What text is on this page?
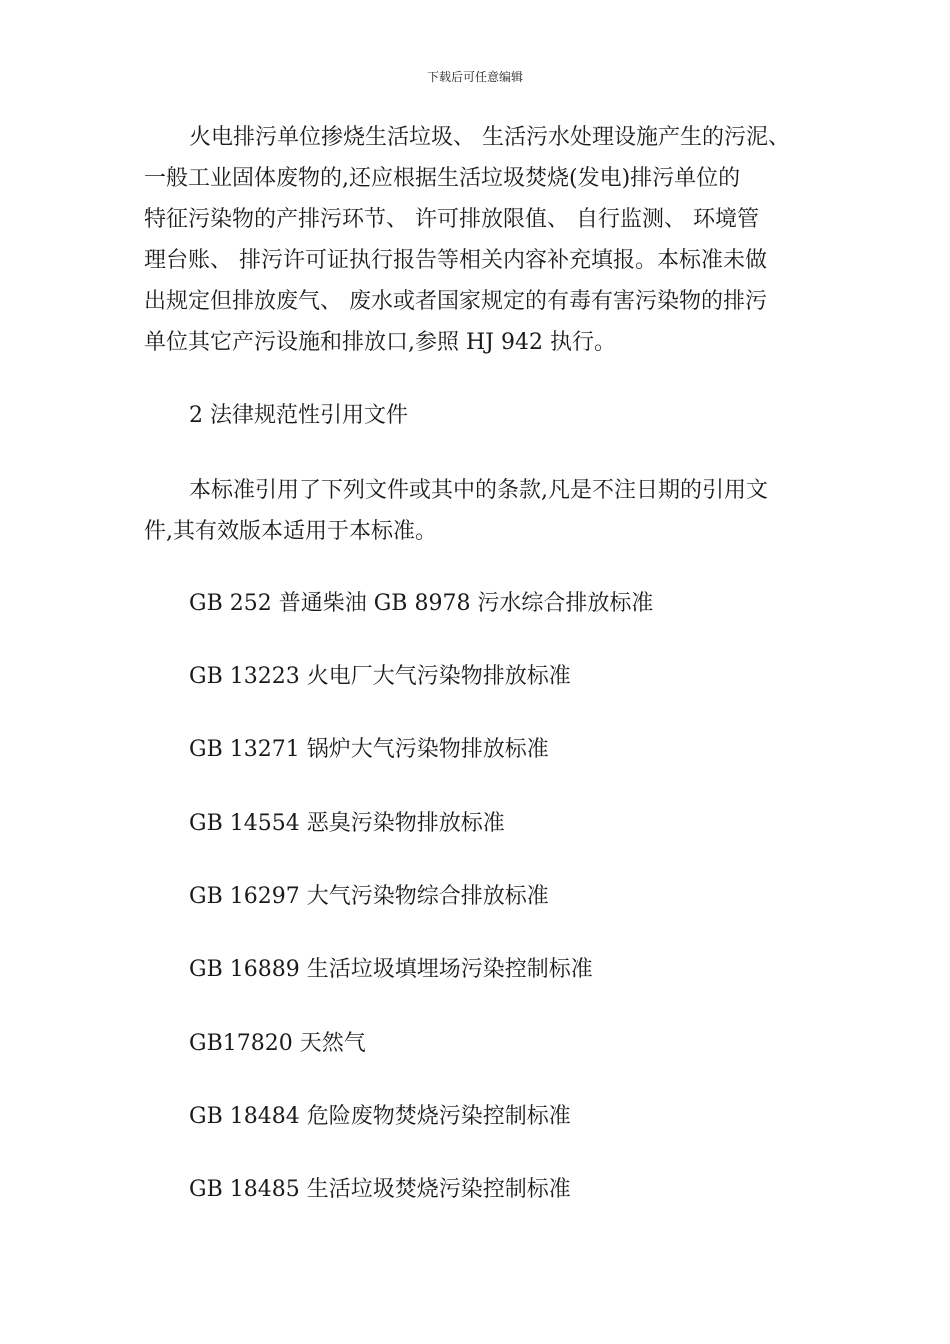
下载后可任意编辑
火电排污单位掺烧生活垃圾、 生活污水处理设施产生的污泥、
一般工业固体废物的,还应根据生活垃圾焚烧(发电)排污单位的
特征污染物的产排污环节、 许可排放限值、 自行监测、 环境管
理台账、 排污许可证执行报告等相关内容补充填报。本标准未做
出规定但排放废气、 废水或者国家规定的有毒有害污染物的排污
单位其它产污设施和排放口,参照 HJ 942 执行。
2 法律规范性引用文件
本标准引用了下列文件或其中的条款,凡是不注日期的引用文
件,其有效版本适用于本标准。
GB 252 普通柴油 GB 8978 污水综合排放标准
GB 13223 火电厂大气污染物排放标准
GB 13271 锅炉大气污染物排放标准
GB 14554 恶臭污染物排放标准
GB 16297 大气污染物综合排放标准
GB 16889 生活垃圾填埋场污染控制标准
GB17820 天然气
GB 18484 危险废物焚烧污染控制标准
GB 18485 生活垃圾焚烧污染控制标准
